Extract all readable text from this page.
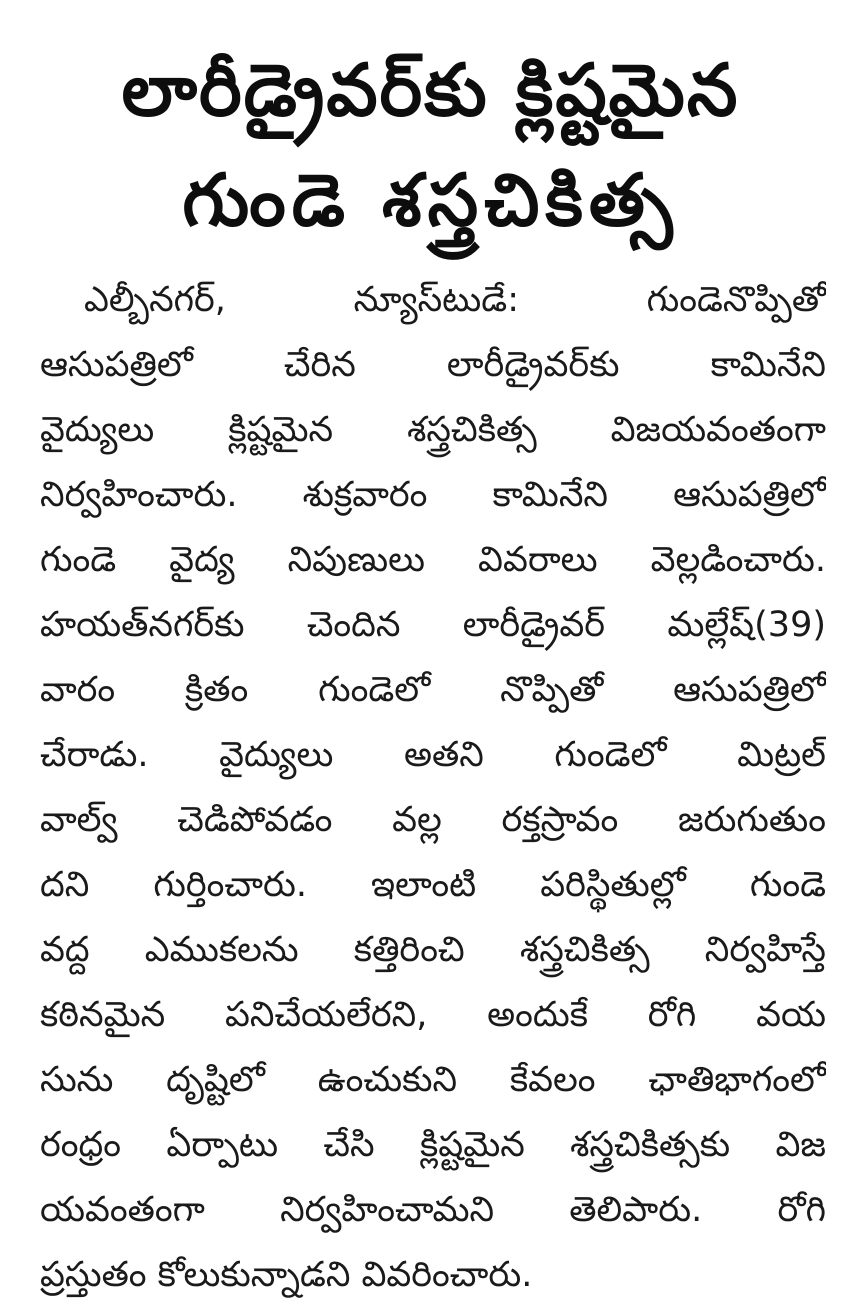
లారీడ్రైవర్‌కు క్లిష్టమైన
గుండె శస్త్రచికిత్స
ఎల్బీనగర్, న్యూస్‌టుడే: గుండెనొప్పితో
ఆసుపత్రిలో చేరిన లారీడ్రైవర్‌కు కామినేని
వైద్యులు క్లిష్టమైన శస్త్రచికిత్స విజయవంతంగా
నిర్వహించారు. శుక్రవారం కామినేని ఆసుపత్రిలో
గుండె వైద్య నిపుణులు వివరాలు వెల్లడించారు.
హయత్‌నగర్‌కు చెందిన లారీడ్రైవర్ మల్లేష్(39)
వారం క్రితం గుండెలో నొప్పితో ఆసుపత్రిలో
చేరాడు. వైద్యులు అతని గుండెలో మిట్రల్
వాల్వ్ చెడిపోవడం వల్ల రక్తస్రావం జరుగుతుం
దని గుర్తించారు. ఇలాంటి పరిస్థితుల్లో గుండె
వద్ద ఎముకలను కత్తిరించి శస్త్రచికిత్స నిర్వహిస్తే
కఠినమైన పనిచేయలేరని, అందుకే రోగి వయ
సును దృష్టిలో ఉంచుకుని కేవలం ఛాతిభాగంలో
రంధ్రం ఏర్పాటు చేసి క్లిష్టమైన శస్త్రచికిత్సకు విజ
యవంతంగా నిర్వహించామని తెలిపారు. రోగి
ప్రస్తుతం కోలుకున్నాడని వివరించారు.
